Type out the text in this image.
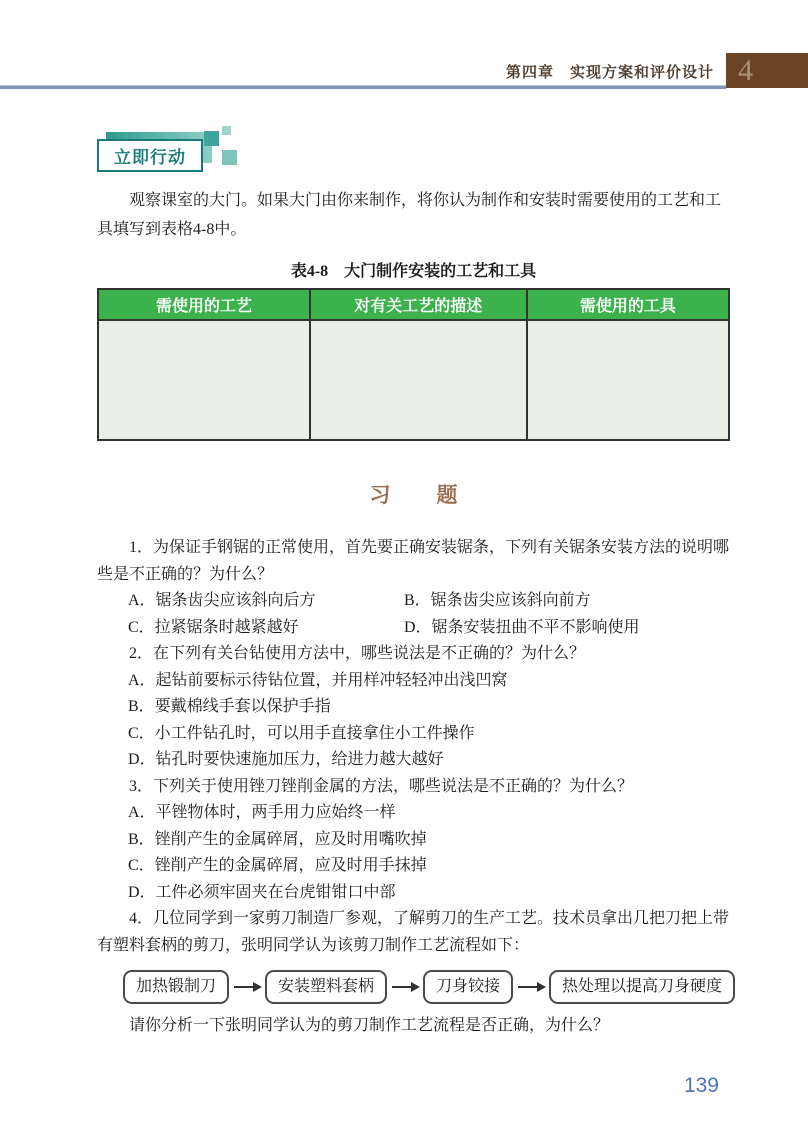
第四章　实现方案和评价设计 4
立即行动

观察课室的大门。如果大门由你来制作，将你认为制作和安装时需要使用的工艺和工具填写到表格4-8中。

表4-8　大门制作安装的工艺和工具
需使用的工艺	对有关工艺的描述	需使用的工具

习 题

1．为保证手钢锯的正常使用，首先要正确安装锯条，下列有关锯条安装方法的说明哪些是不正确的？为什么？

A．锯条齿尖应该斜向后方	B．锯条齿尖应该斜向前方
C．拉紧锯条时越紧越好	D．锯条安装扭曲不平不影响使用

2．在下列有关台钻使用方法中，哪些说法是不正确的？为什么？

A．起钻前要标示待钻位置，并用样冲轻轻冲出浅凹窝

B．要戴棉线手套以保护手指

C．小工件钻孔时，可以用手直接拿住小工件操作

D．钻孔时要快速施加压力，给进力越大越好

3．下列关于使用锉刀锉削金属的方法，哪些说法是不正确的？为什么？

A．平锉物体时，两手用力应始终一样

B．锉削产生的金属碎屑，应及时用嘴吹掉

C．锉削产生的金属碎屑，应及时用手抹掉

D．工件必须牢固夹在台虎钳钳口中部

4．几位同学到一家剪刀制造厂参观，了解剪刀的生产工艺。技术员拿出几把刀把上带有塑料套柄的剪刀，张明同学认为该剪刀制作工艺流程如下：

加热锻制刀	安装塑料套柄	刀身铰接	热处理以提高刀身硬度

请你分析一下张明同学认为的剪刀制作工艺流程是否正确，为什么？

139
